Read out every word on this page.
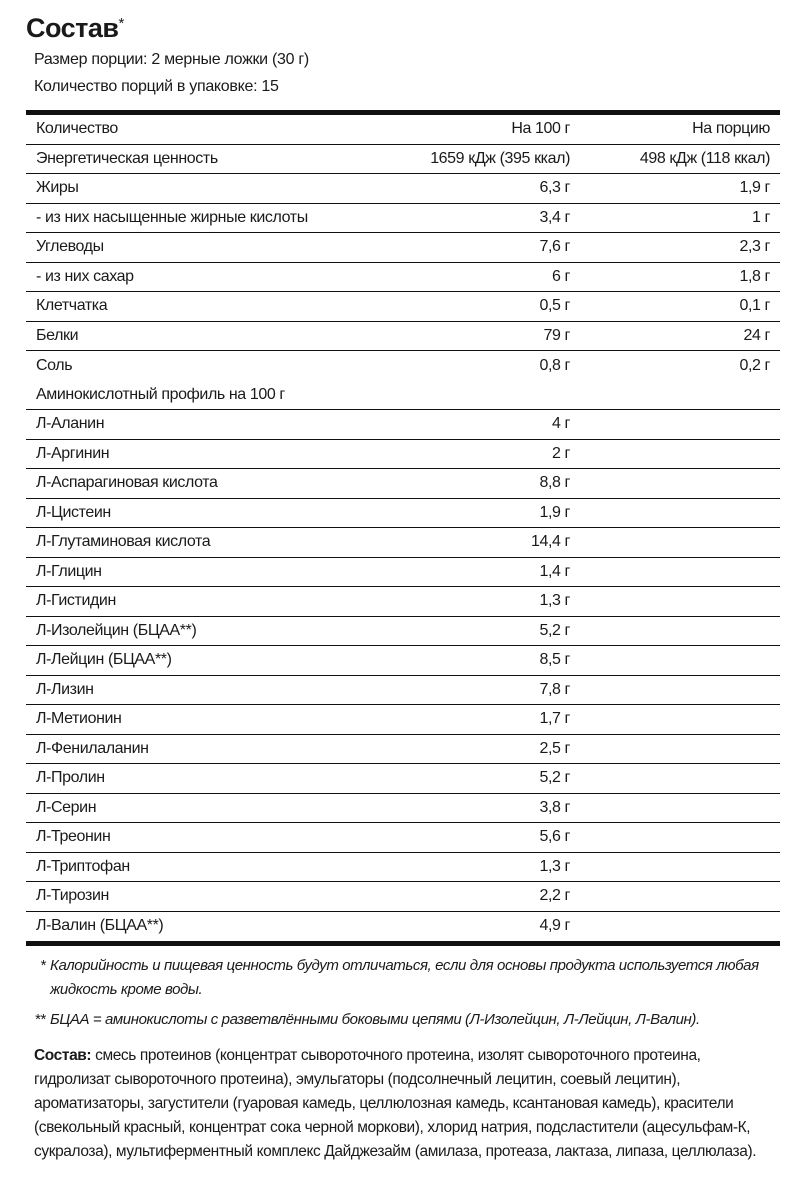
Состав*
Размер порции: 2 мерные ложки (30 г)
Количество порций в упаковке: 15
Количество	На 100 г	На порцию
Энергетическая ценность	1659 кДж (395 ккал)	498 кДж (118 ккал)
Жиры	6,3 г	1,9 г
- из них насыщенные жирные кислоты	3,4 г	1 г
Углеводы	7,6 г	2,3 г
- из них сахар	6 г	1,8 г
Клетчатка	0,5 г	0,1 г
Белки	79 г	24 г
Соль	0,8 г	0,2 г
Аминокислотный профиль на 100 г
Л-Аланин	4 г
Л-Аргинин	2 г
Л-Аспарагиновая кислота	8,8 г
Л-Цистеин	1,9 г
Л-Глутаминовая кислота	14,4 г
Л-Глицин	1,4 г
Л-Гистидин	1,3 г
Л-Изолейцин (БЦАА**)	5,2 г
Л-Лейцин (БЦАА**)	8,5 г
Л-Лизин	7,8 г
Л-Метионин	1,7 г
Л-Фенилаланин	2,5 г
Л-Пролин	5,2 г
Л-Серин	3,8 г
Л-Треонин	5,6 г
Л-Триптофан	1,3 г
Л-Тирозин	2,2 г
Л-Валин (БЦАА**)	4,9 г
* Калорийность и пищевая ценность будут отличаться, если для основы продукта используется любая жидкость кроме воды.
** БЦАА = аминокислоты с разветвлёнными боковыми цепями (Л-Изолейцин, Л-Лейцин, Л-Валин).
Состав: смесь протеинов (концентрат сывороточного протеина, изолят сывороточного протеина, гидролизат сывороточного протеина), эмульгаторы (подсолнечный лецитин, соевый лецитин), ароматизаторы, загустители (гуаровая камедь, целлюлозная камедь, ксантановая камедь), красители (свекольный красный, концентрат сока черной моркови), хлорид натрия, подсластители (ацесульфам-К, сукралоза), мультиферментный комплекс Дайджезайм (амилаза, протеаза, лактаза, липаза, целлюлаза).
